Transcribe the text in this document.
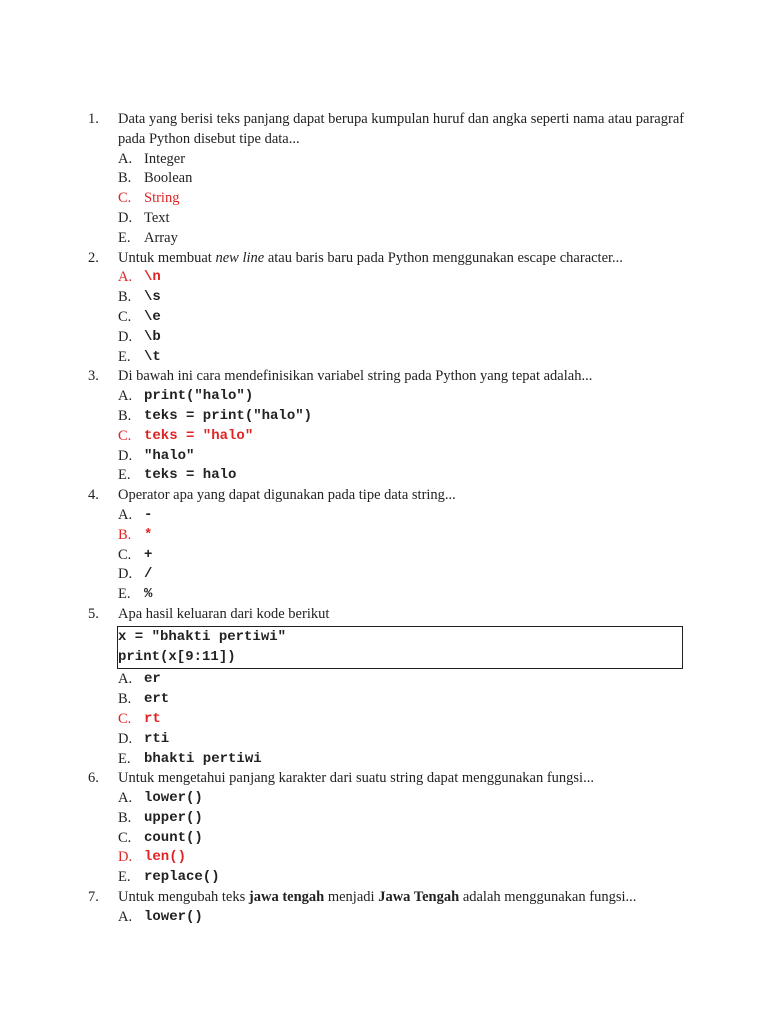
1.	Data yang berisi teks panjang dapat berupa kumpulan huruf dan angka seperti nama atau paragraf pada Python disebut tipe data...
A. Integer
B. Boolean
C. String
D. Text
E. Array
2.	Untuk membuat new line atau baris baru pada Python menggunakan escape character...
A. \n
B. \s
C. \e
D. \b
E. \t
3.	Di bawah ini cara mendefinisikan variabel string pada Python yang tepat adalah...
A. print("halo")
B. teks = print("halo")
C. teks = "halo"
D. "halo"
E. teks = halo
4.	Operator apa yang dapat digunakan pada tipe data string...
A. -
B. *
C. +
D. /
E. %
5.	Apa hasil keluaran dari kode berikut
x = "bhakti pertiwi"
print(x[9:11])
A. er
B. ert
C. rt
D. rti
E. bhakti pertiwi
6.	Untuk mengetahui panjang karakter dari suatu string dapat menggunakan fungsi...
A. lower()
B. upper()
C. count()
D. len()
E. replace()
7.	Untuk mengubah teks jawa tengah menjadi Jawa Tengah adalah menggunakan fungsi...
A. lower()
